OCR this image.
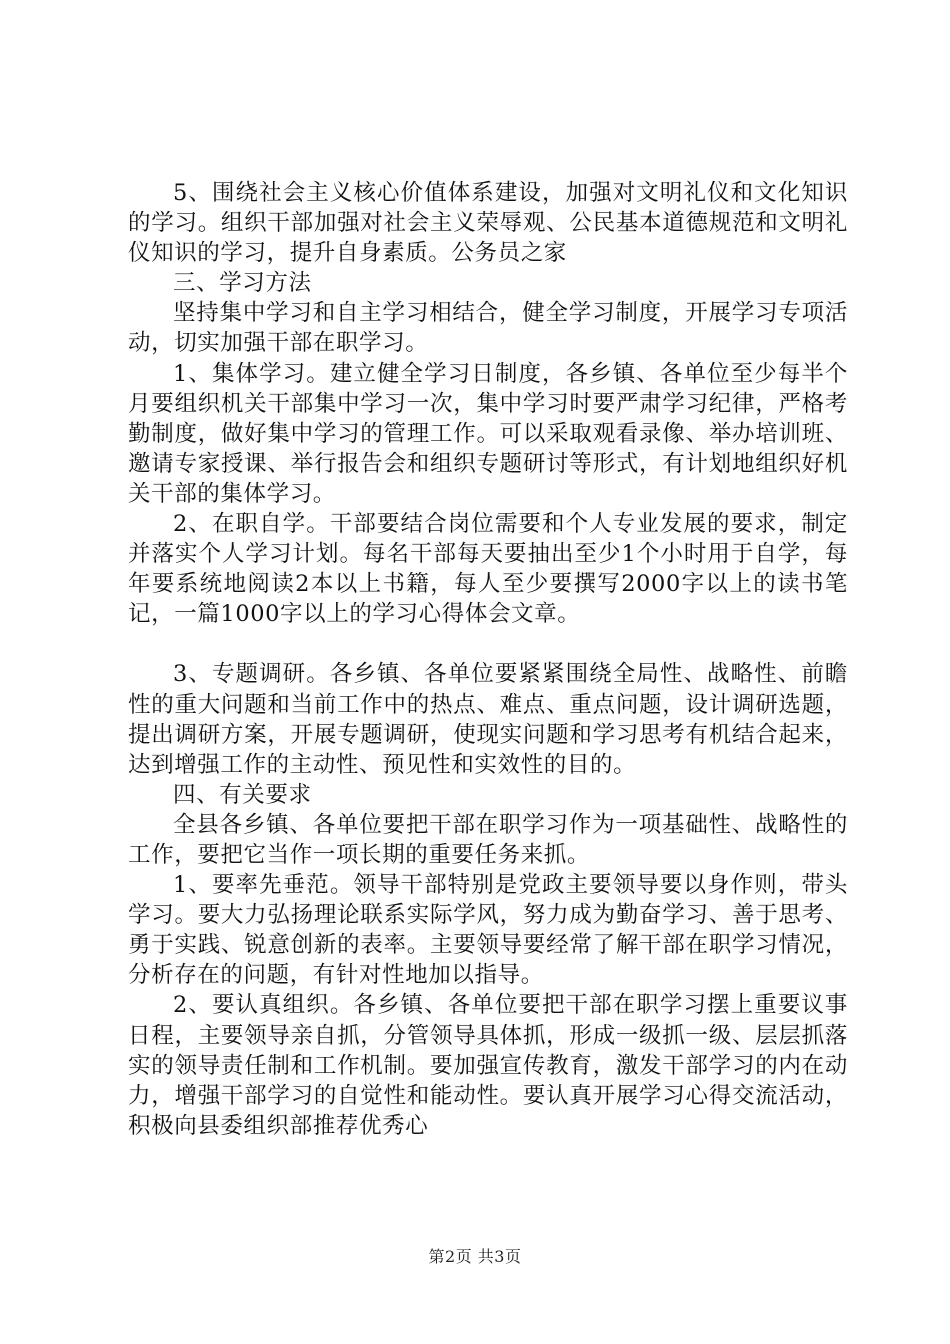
5、围绕社会主义核心价值体系建设，加强对文明礼仪和文化知识的学习。组织干部加强对社会主义荣辱观、公民基本道德规范和文明礼仪知识的学习，提升自身素质。公务员之家

三、学习方法

坚持集中学习和自主学习相结合，健全学习制度，开展学习专项活动，切实加强干部在职学习。

1、集体学习。建立健全学习日制度，各乡镇、各单位至少每半个月要组织机关干部集中学习一次，集中学习时要严肃学习纪律，严格考勤制度，做好集中学习的管理工作。可以采取观看录像、举办培训班、邀请专家授课、举行报告会和组织专题研讨等形式，有计划地组织好机关干部的集体学习。

2、在职自学。干部要结合岗位需要和个人专业发展的要求，制定并落实个人学习计划。每名干部每天要抽出至少1个小时用于自学，每年要系统地阅读2本以上书籍，每人至少要撰写2000字以上的读书笔记，一篇1000字以上的学习心得体会文章。

3、专题调研。各乡镇、各单位要紧紧围绕全局性、战略性、前瞻性的重大问题和当前工作中的热点、难点、重点问题，设计调研选题，提出调研方案，开展专题调研，使现实问题和学习思考有机结合起来，达到增强工作的主动性、预见性和实效性的目的。

四、有关要求

全县各乡镇、各单位要把干部在职学习作为一项基础性、战略性的工作，要把它当作一项长期的重要任务来抓。

1、要率先垂范。领导干部特别是党政主要领导要以身作则，带头学习。要大力弘扬理论联系实际学风，努力成为勤奋学习、善于思考、勇于实践、锐意创新的表率。主要领导要经常了解干部在职学习情况，分析存在的问题，有针对性地加以指导。

2、要认真组织。各乡镇、各单位要把干部在职学习摆上重要议事日程，主要领导亲自抓，分管领导具体抓，形成一级抓一级、层层抓落实的领导责任制和工作机制。要加强宣传教育，激发干部学习的内在动力，增强干部学习的自觉性和能动性。要认真开展学习心得交流活动，积极向县委组织部推荐优秀心

第2页 共3页
